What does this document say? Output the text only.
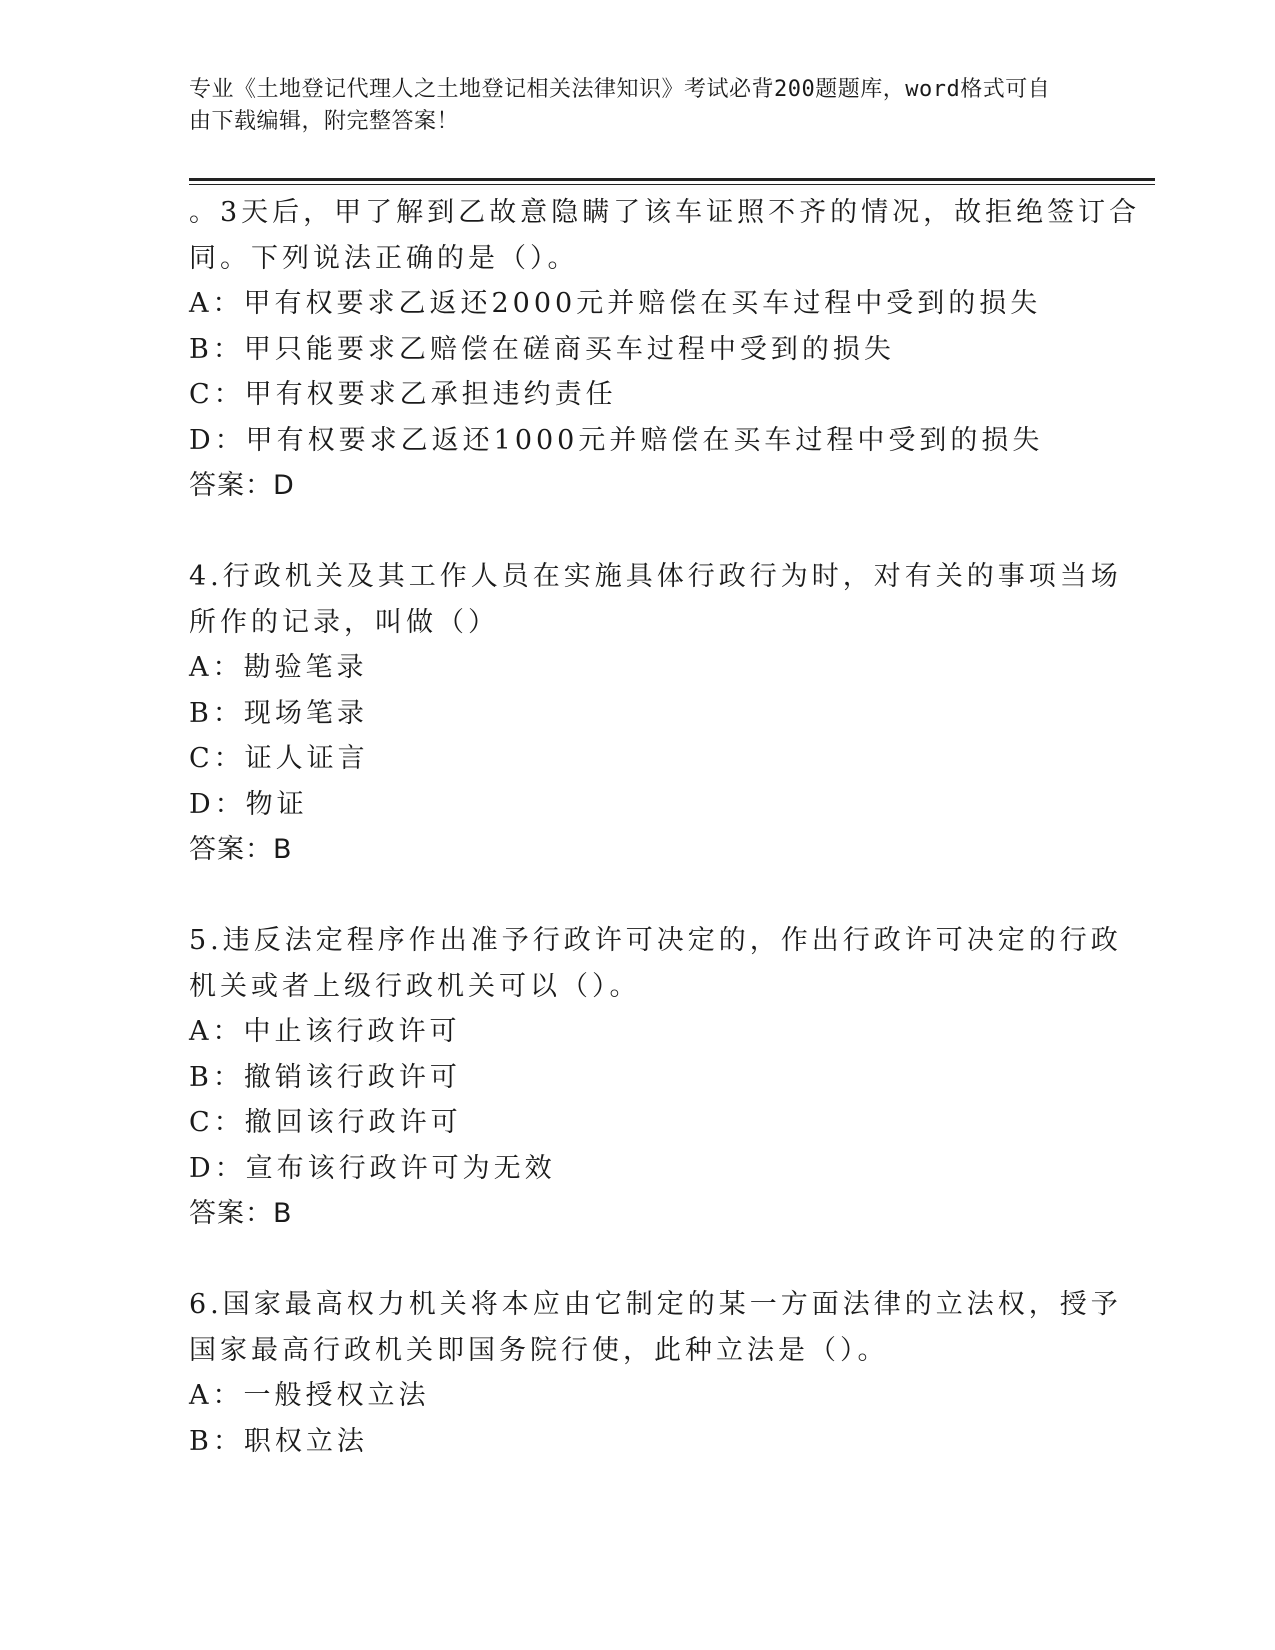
专业《土地登记代理人之土地登记相关法律知识》考试必背200题题库，word格式可自由下载编辑，附完整答案！
。3天后，甲了解到乙故意隐瞒了该车证照不齐的情况，故拒绝签订合
同。下列说法正确的是（）。
A：甲有权要求乙返还2000元并赔偿在买车过程中受到的损失
B：甲只能要求乙赔偿在磋商买车过程中受到的损失
C：甲有权要求乙承担违约责任
D：甲有权要求乙返还1000元并赔偿在买车过程中受到的损失
答案：D
4.行政机关及其工作人员在实施具体行政行为时，对有关的事项当场
所作的记录，叫做（）
A：勘验笔录
B：现场笔录
C：证人证言
D：物证
答案：B
5.违反法定程序作出准予行政许可决定的，作出行政许可决定的行政
机关或者上级行政机关可以（）。
A：中止该行政许可
B：撤销该行政许可
C：撤回该行政许可
D：宣布该行政许可为无效
答案：B
6.国家最高权力机关将本应由它制定的某一方面法律的立法权，授予
国家最高行政机关即国务院行使，此种立法是（）。
A：一般授权立法
B：职权立法
